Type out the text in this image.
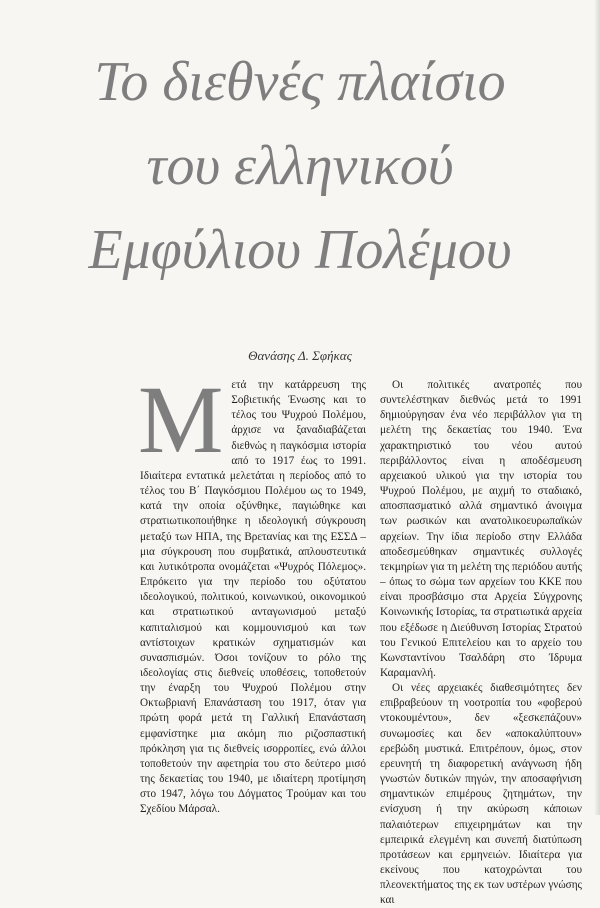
Το διεθνές πλαίσιο
του ελληνικού
Εμφύλιου Πολέμου
Θανάσης Δ. Σφήκας
Μ ετά την κατάρρευση της Σοβιετικής Ένωσης και το τέλος του Ψυχρού Πολέμου, άρχισε να ξαναδιαβάζεται διεθνώς η παγκόσμια ιστορία από το 1917 έως το 1991. Ιδιαίτερα εντατικά μελετάται η περίοδος από το τέλος του Β΄ Παγκόσμιου Πολέμου ως το 1949, κατά την οποία οξύνθηκε, παγιώθηκε και στρατιωτικοποιήθηκε η ιδεολογική σύγκρουση μεταξύ των ΗΠΑ, της Βρετανίας και της ΕΣΣΔ – μια σύγκρουση που συμβατικά, απλουστευτικά και λυτικότροπα ονομάζεται «Ψυχρός Πόλεμος». Επρόκειτο για την περίοδο του οξύτατου ιδεολογικού, πολιτικού, κοινωνικού, οικονομικού και στρατιωτικού ανταγωνισμού μεταξύ καπιταλισμού και κομμουνισμού και των αντίστοιχων κρατικών σχηματισμών και συνασπισμών. Όσοι τονίζουν το ρόλο της ιδεολογίας στις διεθνείς υποθέσεις, τοποθετούν την έναρξη του Ψυχρού Πολέμου στην Οκτωβριανή Επανάσταση του 1917, όταν για πρώτη φορά μετά τη Γαλλική Επανάσταση εμφανίστηκε μια ακόμη πιο ριζοσπαστική πρόκληση για τις διεθνείς ισορροπίες, ενώ άλλοι τοποθετούν την αφετηρία του στο δεύτερο μισό της δεκαετίας του 1940, με ιδιαίτερη προτίμηση στο 1947, λόγω του Δόγματος Τρούμαν και του Σχεδίου Μάρσαλ.

Οι πολιτικές ανατροπές που συντελέστηκαν διεθνώς μετά το 1991 δημιούργησαν ένα νέο περιβάλλον για τη μελέτη της δεκαετίας του 1940. Ένα χαρακτηριστικό του νέου αυτού περιβάλλοντος είναι η αποδέσμευση αρχειακού υλικού για την ιστορία του Ψυχρού Πολέμου, με αιχμή το σταδιακό, αποσπασματικό αλλά σημαντικό άνοιγμα των ρωσικών και ανατολικοευρωπαϊκών αρχείων. Την ίδια περίοδο στην Ελλάδα αποδεσμεύθηκαν σημαντικές συλλογές τεκμηρίων για τη μελέτη της περιόδου αυτής – όπως το σώμα των αρχείων του ΚΚΕ που είναι προσβάσιμο στα Αρχεία Σύγχρονης Κοινωνικής Ιστορίας, τα στρατιωτικά αρχεία που εξέδωσε η Διεύθυνση Ιστορίας Στρατού του Γενικού Επιτελείου και το αρχείο του Κωνσταντίνου Τσαλδάρη στο Ίδρυμα Καραμανλή.

Οι νέες αρχειακές διαθεσιμότητες δεν επιβραβεύουν τη νοοτροπία του «φοβερού ντοκουμέντου», δεν «ξεσκεπάζουν» συνωμοσίες και δεν «αποκαλύπτουν» ερεβώδη μυστικά. Επιτρέπουν, όμως, στον ερευνητή τη διαφορετική ανάγνωση ήδη γνωστών δυτικών πηγών, την αποσαφήνιση σημαντικών επιμέρους ζητημάτων, την ενίσχυση ή την ακύρωση κάποιων παλαιότερων επιχειρημάτων και την εμπειρικά ελεγμένη και συνεπή διατύπωση προτάσεων και ερμηνειών. Ιδιαίτερα για εκείνους που κατοχρώνται του πλεονεκτήματος της εκ των υστέρων γνώσης και
